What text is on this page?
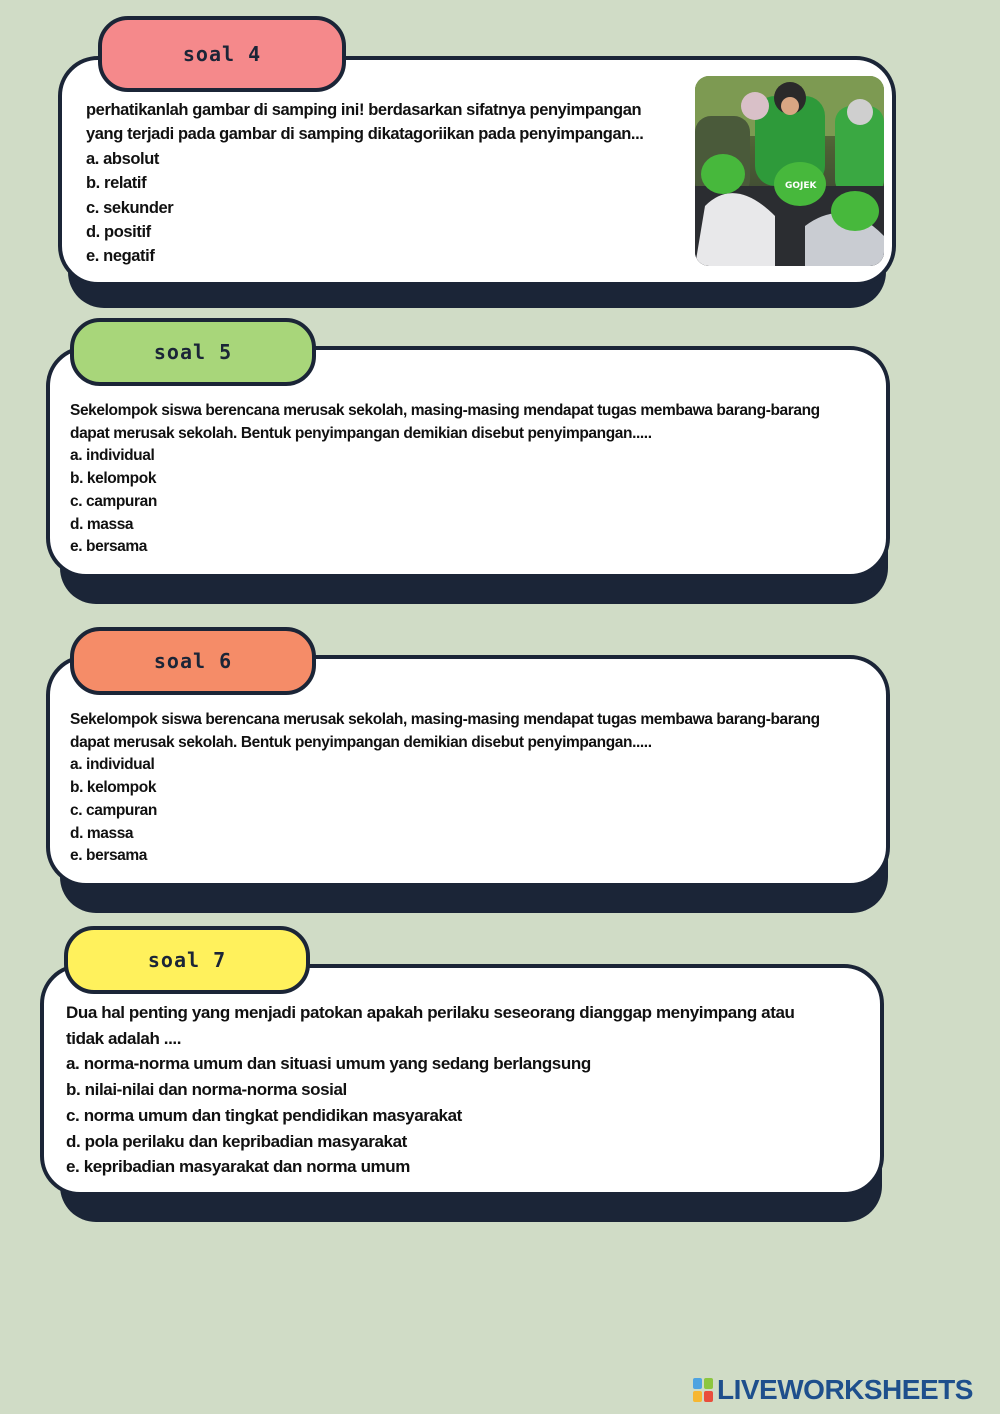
soal 4

perhatikanlah gambar di samping ini! berdasarkan sifatnya penyimpangan

yang terjadi pada gambar di samping dikatagoriikan pada penyimpangan...

a. absolut
b. relatif
c. sekunder
d. positif
e. negatif
GOJEK
soal 5

Sekelompok siswa berencana merusak sekolah, masing-masing mendapat tugas membawa barang-barang

dapat merusak sekolah. Bentuk penyimpangan demikian disebut penyimpangan.....

a. individual
b. kelompok
c. campuran
d. massa
e. bersama
soal 6

Sekelompok siswa berencana merusak sekolah, masing-masing mendapat tugas membawa barang-barang

dapat merusak sekolah. Bentuk penyimpangan demikian disebut penyimpangan.....

a. individual
b. kelompok
c. campuran
d. massa
e. bersama
soal 7

Dua hal penting yang menjadi patokan apakah perilaku seseorang dianggap menyimpang atau

tidak adalah ....

a. norma-norma umum dan situasi umum yang sedang berlangsung
b. nilai-nilai dan norma-norma sosial
c. norma umum dan tingkat pendidikan masyarakat
d. pola perilaku dan kepribadian masyarakat
e. kepribadian masyarakat dan norma umum
LIVEWORKSHEETS
